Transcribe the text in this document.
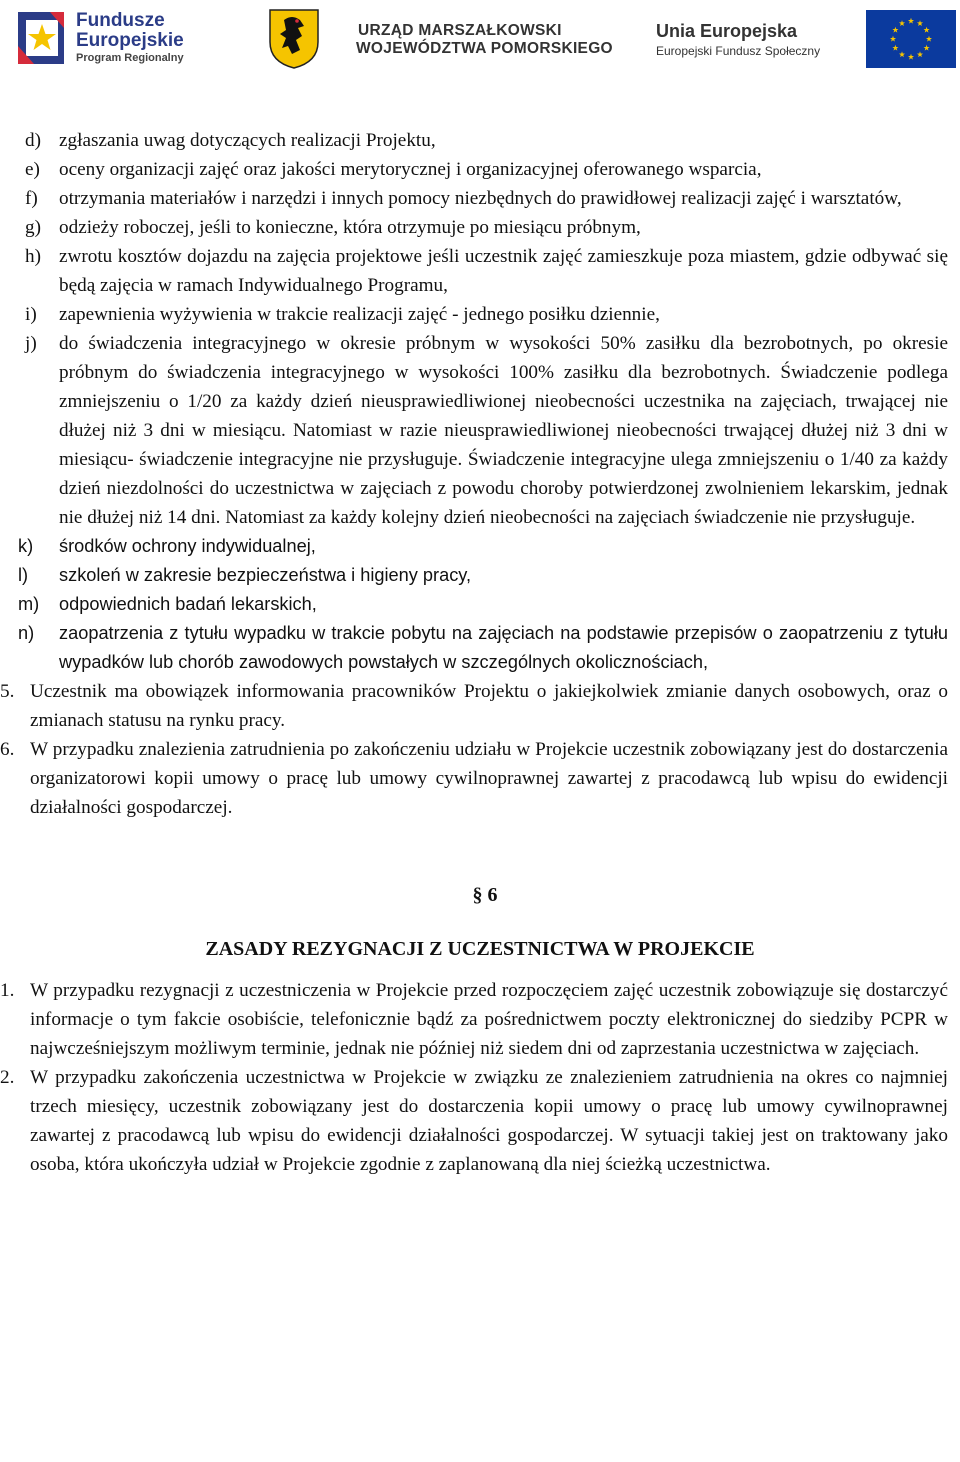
Fundusze
Europejskie
Program Regionalny
URZĄD MARSZAŁKOWSKI
WOJEWÓDZTWA POMORSKIEGO
Unia Europejska
Europejski Fundusz Społeczny
d) zgłaszania uwag dotyczących realizacji Projektu,
e) oceny organizacji zajęć oraz jakości merytorycznej i organizacyjnej oferowanego wsparcia,
f) otrzymania materiałów i narzędzi i innych pomocy niezbędnych do prawidłowej realizacji zajęć i warsztatów,
g) odzieży roboczej, jeśli to konieczne, która otrzymuje po miesiącu próbnym,
h) zwrotu kosztów dojazdu na zajęcia projektowe jeśli uczestnik zajęć zamieszkuje poza miastem, gdzie odbywać się będą zajęcia w ramach Indywidualnego Programu,
i) zapewnienia wyżywienia w trakcie realizacji zajęć - jednego posiłku dziennie,
j) do świadczenia integracyjnego w okresie próbnym w wysokości 50% zasiłku dla bezrobotnych, po okresie próbnym do świadczenia integracyjnego w wysokości 100% zasiłku dla bezrobotnych. Świadczenie podlega zmniejszeniu o 1/20 za każdy dzień nieusprawiedliwionej nieobecności uczestnika na zajęciach, trwającej nie dłużej niż 3 dni w miesiącu. Natomiast w razie nieusprawiedliwionej nieobecności trwającej dłużej niż 3 dni w miesiącu- świadczenie integracyjne nie przysługuje. Świadczenie integracyjne ulega zmniejszeniu o 1/40 za każdy dzień niezdolności do uczestnictwa w zajęciach z powodu choroby potwierdzonej zwolnieniem lekarskim, jednak nie dłużej niż 14 dni. Natomiast za każdy kolejny dzień nieobecności na zajęciach świadczenie nie przysługuje.
k) środków ochrony indywidualnej,
l) szkoleń w zakresie bezpieczeństwa i higieny pracy,
m) odpowiednich badań lekarskich,
n) zaopatrzenia z tytułu wypadku w trakcie pobytu na zajęciach na podstawie przepisów o zaopatrzeniu z tytułu wypadków lub chorób zawodowych powstałych w szczególnych okolicznościach,
5. Uczestnik ma obowiązek informowania pracowników Projektu o jakiejkolwiek zmianie danych osobowych, oraz o zmianach statusu na rynku pracy.
6. W przypadku znalezienia zatrudnienia po zakończeniu udziału w Projekcie uczestnik zobowiązany jest do dostarczenia organizatorowi kopii umowy o pracę lub umowy cywilnoprawnej zawartej z pracodawcą lub wpisu do ewidencji działalności gospodarczej.
§ 6
ZASADY REZYGNACJI Z UCZESTNICTWA W PROJEKCIE
1. W przypadku rezygnacji z uczestniczenia w Projekcie przed rozpoczęciem zajęć uczestnik zobowiązuje się dostarczyć informacje o tym fakcie osobiście, telefonicznie bądź za pośrednictwem poczty elektronicznej do siedziby PCPR w najwcześniejszym możliwym terminie, jednak nie później niż siedem dni od zaprzestania uczestnictwa w zajęciach.
2. W przypadku zakończenia uczestnictwa w Projekcie w związku ze znalezieniem zatrudnienia na okres co najmniej trzech miesięcy, uczestnik zobowiązany jest do dostarczenia kopii umowy o pracę lub umowy cywilnoprawnej zawartej z pracodawcą lub wpisu do ewidencji działalności gospodarczej. W sytuacji takiej jest on traktowany jako osoba, która ukończyła udział w Projekcie zgodnie z zaplanowaną dla niej ścieżką uczestnictwa.
